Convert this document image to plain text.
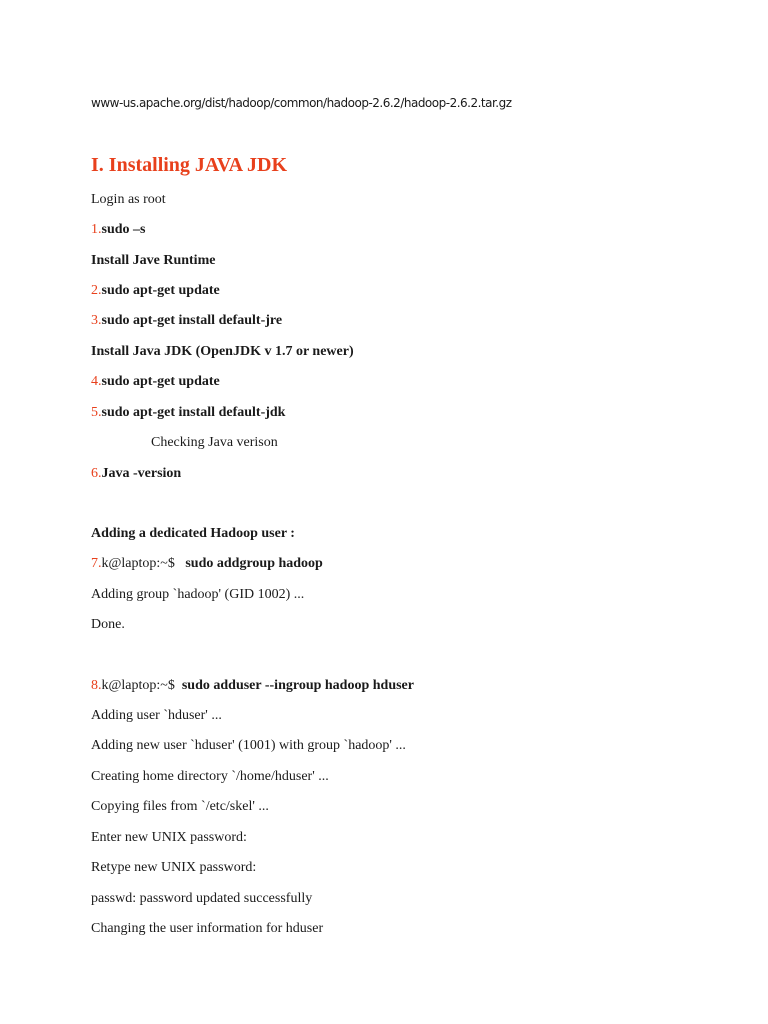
www-us.apache.org/dist/hadoop/common/hadoop-2.6.2/hadoop-2.6.2.tar.gz
I. Installing JAVA JDK
Login as root
1.sudo –s
Install Jave Runtime
2.sudo apt-get update
3.sudo apt-get install default-jre
Install Java JDK (OpenJDK v 1.7 or newer)
4.sudo apt-get update
5.sudo apt-get install default-jdk
Checking Java verison
6.Java -version
Adding a dedicated Hadoop user :
7.k@laptop:~$ sudo addgroup hadoop
Adding group `hadoop' (GID 1002) ...
Done.
8.k@laptop:~$  sudo adduser --ingroup hadoop hduser
Adding user `hduser' ...
Adding new user `hduser' (1001) with group `hadoop' ...
Creating home directory `/home/hduser' ...
Copying files from `/etc/skel' ...
Enter new UNIX password:
Retype new UNIX password:
passwd: password updated successfully
Changing the user information for hduser
